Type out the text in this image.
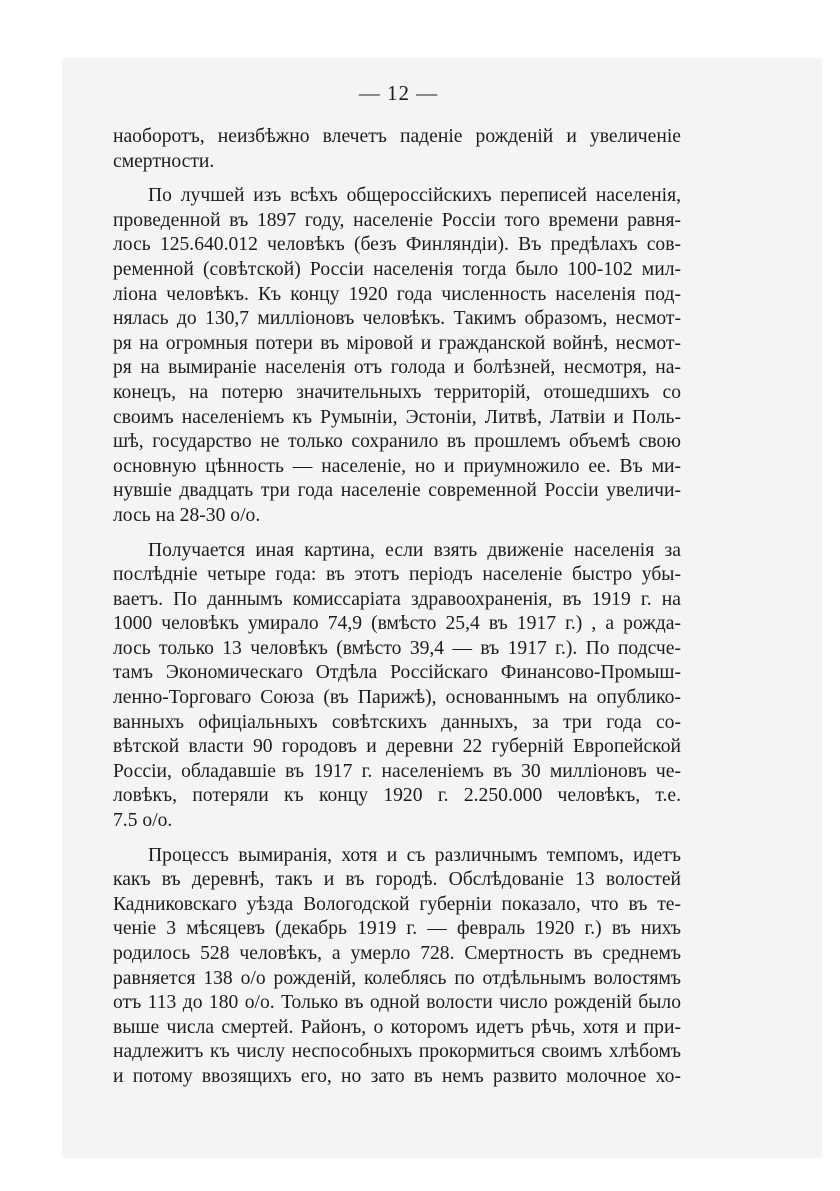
— 12 —
наоборотъ, неизбѣжно влечетъ паденіе рожденій и увеличеніе
смертности.
По лучшей изъ всѣхъ общероссійскихъ переписей населенія,
проведенной въ 1897 году, населеніе Россіи того времени равня-
лось 125.640.012 человѣкъ (безъ Финляндіи). Въ предѣлахъ сов-
ременной (совѣтской) Россіи населенія тогда было 100-102 мил-
ліона человѣкъ. Къ концу 1920 года численность населенія под-
нялась до 130,7 милліоновъ человѣкъ. Такимъ образомъ, несмот-
ря на огромныя потери въ міровой и гражданской войнѣ, несмот-
ря на вымираніе населенія отъ голода и болѣзней, несмотря, на-
конецъ, на потерю значительныхъ территорій, отошедшихъ со
своимъ населеніемъ къ Румыніи, Эстоніи, Литвѣ, Латвіи и Поль-
шѣ, государство не только сохранило въ прошлемъ объемѣ свою
основную цѣнность — населеніе, но и приумножило ее. Въ ми-
нувшіе двадцать три года населеніе современной Россіи увеличи-
лось на 28-30 о/о.
Получается иная картина, если взять движеніе населенія за
послѣдніе четыре года: въ этотъ періодъ населеніе быстро убы-
ваетъ. По даннымъ комиссаріата здравоохраненія, въ 1919 г. на
1000 человѣкъ умирало 74,9 (вмѣсто 25,4 въ 1917 г.) , а рожда-
лось только 13 человѣкъ (вмѣсто 39,4 — въ 1917 г.). По подсче-
тамъ Экономическаго Отдѣла Россійскаго Финансово-Промыш-
ленно-Торговаго Союза (въ Парижѣ), основаннымъ на опублико-
ванныхъ офиціальныхъ совѣтскихъ данныхъ, за три года со-
вѣтской власти 90 городовъ и деревни 22 губерній Европейской
Россіи, обладавшіе въ 1917 г. населеніемъ въ 30 милліоновъ че-
ловѣкъ, потеряли къ концу 1920 г. 2.250.000 человѣкъ, т.е.
7.5 о/о.
Процессъ вымиранія, хотя и съ различнымъ темпомъ, идетъ
какъ въ деревнѣ, такъ и въ городѣ. Обслѣдованіе 13 волостей
Кадниковскаго уѣзда Вологодской губерніи показало, что въ те-
ченіе 3 мѣсяцевъ (декабрь 1919 г. — февраль 1920 г.) въ нихъ
родилось 528 человѣкъ, а умерло 728. Смертность въ среднемъ
равняется 138 о/о рожденій, колеблясь по отдѣльнымъ волостямъ
отъ 113 до 180 о/о. Только въ одной волости число рожденій было
выше числа смертей. Районъ, о которомъ идетъ рѣчь, хотя и при-
надлежитъ къ числу неспособныхъ прокормиться своимъ хлѣбомъ
и потому ввозящихъ его, но зато въ немъ развито молочное хо-
